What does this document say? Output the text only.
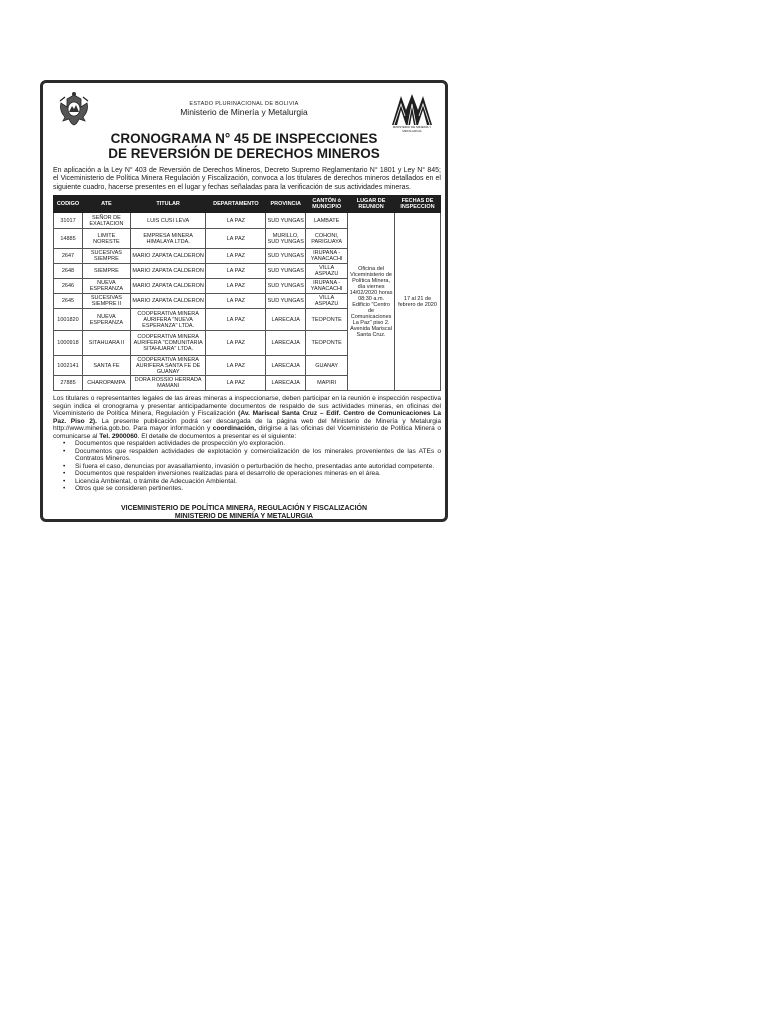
ESTADO PLURINACIONAL DE BOLIVIA
Ministerio de Minería y Metalurgia
MINISTERIO DE MINERÍA Y METALURGIA
CRONOGRAMA N° 45 DE INSPECCIONES
DE REVERSIÓN DE DERECHOS MINEROS
En aplicación a la Ley N° 403 de Reversión de Derechos Mineros, Decreto Supremo Reglamentario N° 1801 y Ley N° 845; el Viceministerio de Política Minera Regulación y Fiscalización, convoca a los titulares de derechos mineros detallados en el siguiente cuadro, hacerse presentes en el lugar y fechas señaladas para la verificación de sus actividades mineras.
CODIGO	ATE	TITULAR	DEPARTAMENTO	PROVINCIA	CANTÓN ó MUNICIPIO	LUGAR DE REUNION	FECHAS DE INSPECCION
31017	SEÑOR DE EXALTACION	LUIS CUSI LEVA	LA PAZ	SUD YUNGAS	LAMBATE	Oficina del Viceministerio de Política Minera, día viernes 14/02/2020 horas 08:30 a.m. Edificio "Centro de Comunicaciones La Paz" piso 2. Avenida Mariscal Santa Cruz.	17 al 21 de febrero de 2020
14885	LIMITE NORESTE	EMPRESA MINERA HIMALAYA LTDA.	LA PAZ	MURILLO, SUD YUNGAS	COHONI, PARIGUAYA		
2647	SUCESIVAS SIEMPRE	MARIO ZAPATA CALDERON	LA PAZ	SUD YUNGAS	IRUPANA - YANACACHI		
2648	SIEMPRE	MARIO ZAPATA CALDERON	LA PAZ	SUD YUNGAS	VILLA ASPIAZU		
2646	NUEVA ESPERANZA	MARIO ZAPATA CALDERON	LA PAZ	SUD YUNGAS	IRUPANA - YANACACHI		
2645	SUCESIVAS SIEMPRE II	MARIO ZAPATA CALDERON	LA PAZ	SUD YUNGAS	VILLA ASPIAZU		
1001820	NUEVA ESPERANZA	COOPERATIVA MINERA AURIFERA "NUEVA ESPERANZA" LTDA.	LA PAZ	LARECAJA	TEOPONTE		
1000918	SITAHUARA II	COOPERATIVA MINERA AURIFERA "COMUNITARIA SITAHUARA" LTDA.	LA PAZ	LARECAJA	TEOPONTE		
1002141	SANTA FE	COOPERATIVA MINERA AURIFERA SANTA FE DE GUANAY	LA PAZ	LARECAJA	GUANAY		
27885	CHAROPAMPA	DORA ROSSIO HERRADA MAMANI	LA PAZ	LARECAJA	MAPIRI		

Los titulares o representantes legales de las áreas mineras a inspeccionarse, deben participar en la reunión e inspección respectiva según indica el cronograma y presentar anticipadamente documentos de respaldo de sus actividades mineras, en oficinas del Viceministerio de Política Minera, Regulación y Fiscalización (Av. Mariscal Santa Cruz – Edif. Centro de Comunicaciones La Paz. Piso 2). La presente publicación podrá ser descargada de la página web del Ministerio de Minería y Metalurgia http://www.mineria.gob.bo. Para mayor información y coordinación, dirigirse a las oficinas del Viceministerio de Política Minera o comunicarse al Tel. 2900060. El detalle de documentos a presentar es el siguiente:

• Documentos que respalden actividades de prospección y/o exploración.
• Documentos que respalden actividades de explotación y comercialización de los minerales provenientes de las ATEs o Contratos Mineros.
• Si fuera el caso, denuncias por avasallamiento, invasión o perturbación de hecho, presentadas ante autoridad competente.
• Documentos que respalden inversiones realizadas para el desarrollo de operaciones mineras en el área.
• Licencia Ambiental, o trámite de Adecuación Ambiental.
• Otros que se consideren pertinentes.
VICEMINISTERIO DE POLÍTICA MINERA, REGULACIÓN Y FISCALIZACIÓN
MINISTERIO DE MINERÍA Y METALURGIA
